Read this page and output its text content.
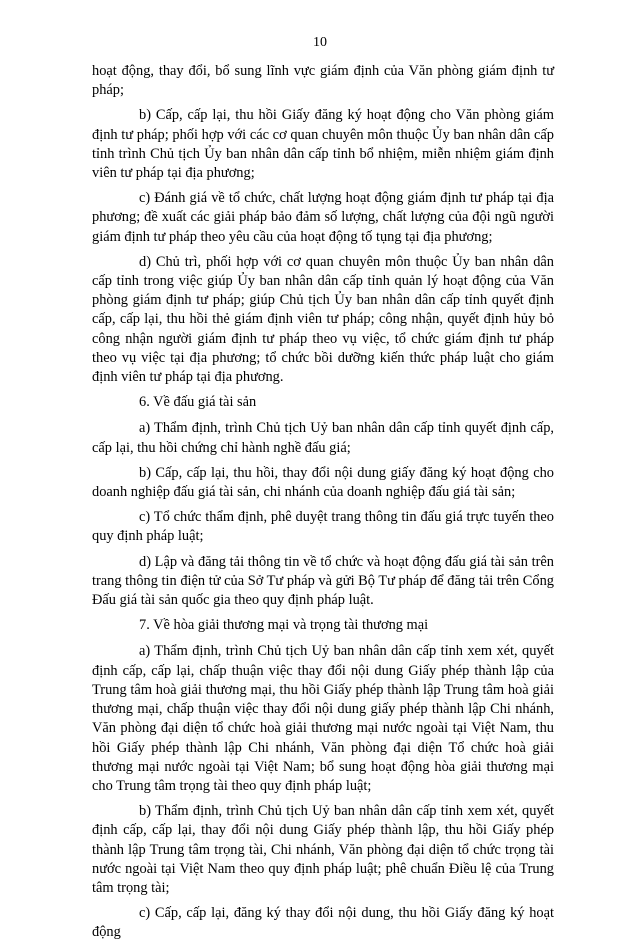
10

hoạt động, thay đổi, bổ sung lĩnh vực giám định của Văn phòng giám định tư pháp;

b) Cấp, cấp lại, thu hồi Giấy đăng ký hoạt động cho Văn phòng giám định tư pháp; phối hợp với các cơ quan chuyên môn thuộc Ủy ban nhân dân cấp tỉnh trình Chủ tịch Ủy ban nhân dân cấp tỉnh bổ nhiệm, miễn nhiệm giám định viên tư pháp tại địa phương;

c) Đánh giá về tổ chức, chất lượng hoạt động giám định tư pháp tại địa phương; đề xuất các giải pháp bảo đảm số lượng, chất lượng của đội ngũ người giám định tư pháp theo yêu cầu của hoạt động tố tụng tại địa phương;

d) Chủ trì, phối hợp với cơ quan chuyên môn thuộc Ủy ban nhân dân cấp tỉnh trong việc giúp Ủy ban nhân dân cấp tỉnh quản lý hoạt động của Văn phòng giám định tư pháp; giúp Chủ tịch Ủy ban nhân dân cấp tỉnh quyết định cấp, cấp lại, thu hồi thẻ giám định viên tư pháp; công nhận, quyết định hủy bỏ công nhận người giám định tư pháp theo vụ việc, tổ chức giám định tư pháp theo vụ việc tại địa phương; tổ chức bồi dưỡng kiến thức pháp luật cho giám định viên tư pháp tại địa phương.

6. Về đấu giá tài sản

a) Thẩm định, trình Chủ tịch Uỷ ban nhân dân cấp tỉnh quyết định cấp, cấp lại, thu hồi chứng chỉ hành nghề đấu giá;

b) Cấp, cấp lại, thu hồi, thay đổi nội dung giấy đăng ký hoạt động cho doanh nghiệp đấu giá tài sản, chi nhánh của doanh nghiệp đấu giá tài sản;

c) Tổ chức thẩm định, phê duyệt trang thông tin đấu giá trực tuyến theo quy định pháp luật;

d) Lập và đăng tải thông tin về tổ chức và hoạt động đấu giá tài sản trên trang thông tin điện tử của Sở Tư pháp và gửi Bộ Tư pháp để đăng tải trên Cổng Đấu giá tài sản quốc gia theo quy định pháp luật.

7. Về hòa giải thương mại và trọng tài thương mại

a) Thẩm định, trình Chủ tịch Uỷ ban nhân dân cấp tỉnh xem xét, quyết định cấp, cấp lại, chấp thuận việc thay đổi nội dung Giấy phép thành lập của Trung tâm hoà giải thương mại, thu hồi Giấy phép thành lập Trung tâm hoà giải thương mại, chấp thuận việc thay đổi nội dung giấy phép thành lập Chi nhánh, Văn phòng đại diện tổ chức hoà giải thương mại nước ngoài tại Việt Nam, thu hồi Giấy phép thành lập Chi nhánh, Văn phòng đại diện Tổ chức hoà giải thương mại nước ngoài tại Việt Nam; bổ sung hoạt động hòa giải thương mại cho Trung tâm trọng tài theo quy định pháp luật;

b) Thẩm định, trình Chủ tịch Uỷ ban nhân dân cấp tỉnh xem xét, quyết định cấp, cấp lại, thay đổi nội dung Giấy phép thành lập, thu hồi Giấy phép thành lập Trung tâm trọng tài, Chi nhánh, Văn phòng đại diện tổ chức trọng tài nước ngoài tại Việt Nam theo quy định pháp luật; phê chuẩn Điều lệ của Trung tâm trọng tài;

c) Cấp, cấp lại, đăng ký thay đổi nội dung, thu hồi Giấy đăng ký hoạt động
